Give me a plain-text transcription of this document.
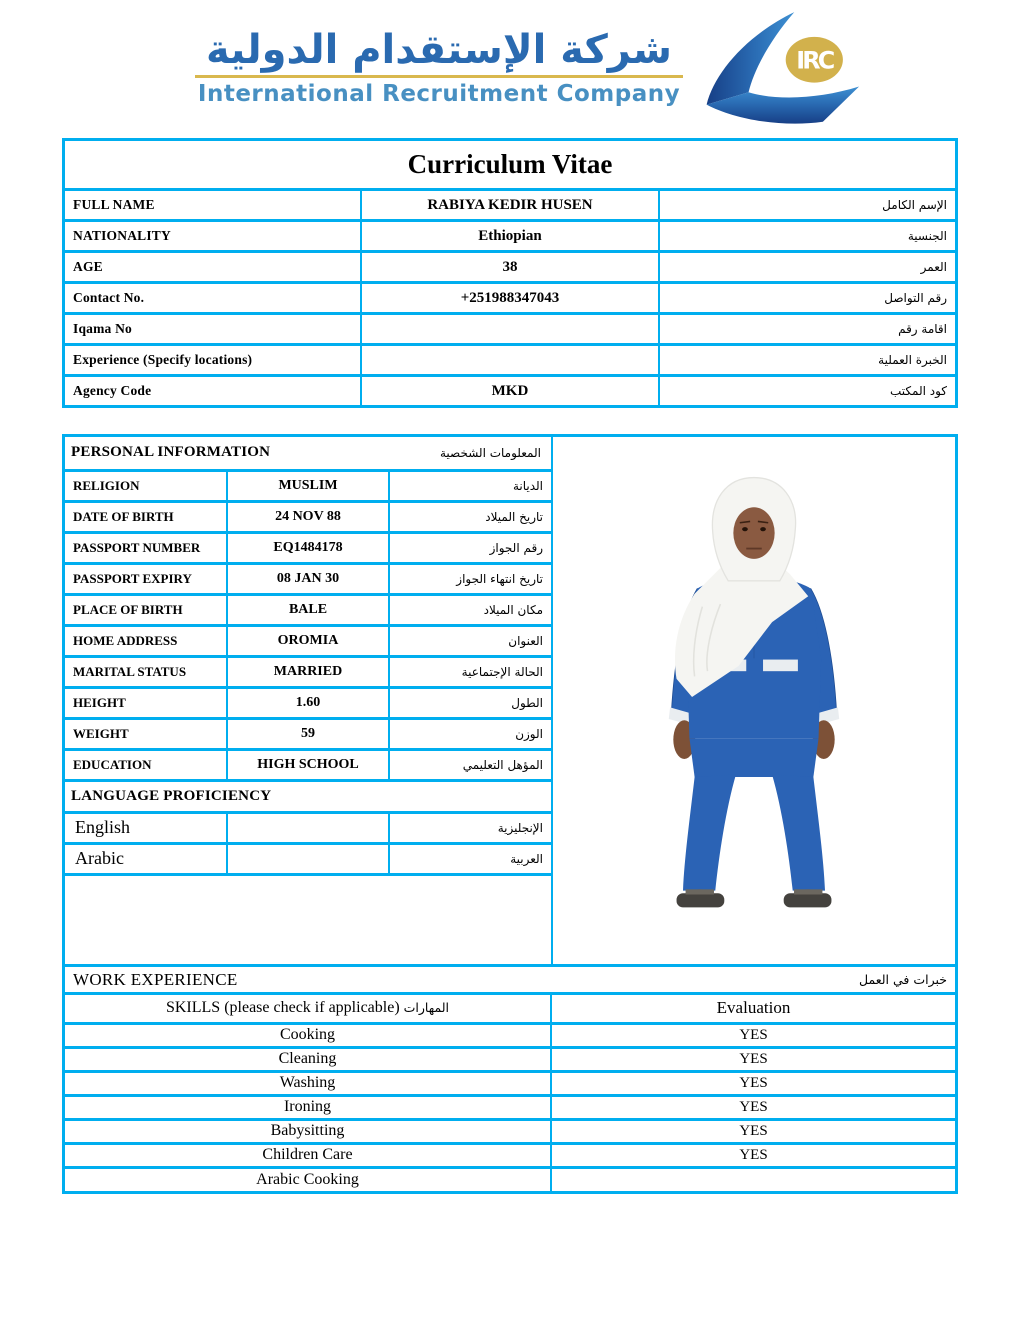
شركة الإستقدام الدولية
International Recruitment Company
IRC
Curriculum Vitae		
FULL NAME	RABIYA KEDIR HUSEN	الإسم الكامل
NATIONALITY	Ethiopian	الجنسية
AGE	38	العمر
Contact No.	+251988347043	رقم التواصل
Iqama No		اقامة رقم
Experience (Specify locations)		الخبرة العملية
Agency Code	MKD	كود المكتب
PERSONAL INFORMATION المعلومات الشخصية		

RELIGION	MUSLIM	الديانة
DATE OF BIRTH	24 NOV 88	تاريخ الميلاد
PASSPORT NUMBER	EQ1484178	رقم الجواز
PASSPORT EXPIRY	08 JAN 30	تاريخ انتهاء الجواز
PLACE OF BIRTH	BALE	مكان الميلاد
HOME ADDRESS	OROMIA	العنوان
MARITAL STATUS	MARRIED	الحالة الإجتماعية
HEIGHT	1.60	الطول
WEIGHT	59	الوزن
EDUCATION	HIGH SCHOOL	المؤهل التعليمي
LANGUAGE PROFICIENCY		
English		الإنجليزية
Arabic		العربية
WORK EXPERIENCE	خبرات في العمل
SKILLS (please check if applicable) المهارات	Evaluation
Cooking	YES
Cleaning	YES
Washing	YES
Ironing	YES
Babysitting	YES
Children Care	YES
Arabic Cooking	
